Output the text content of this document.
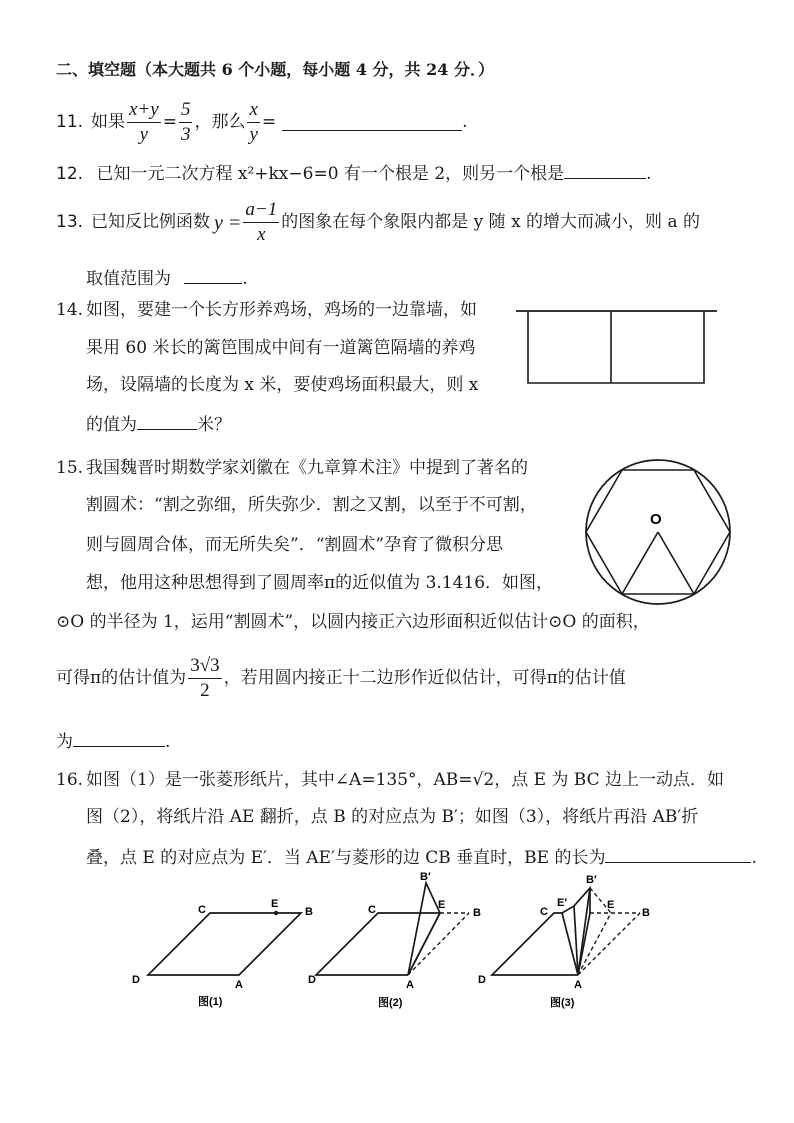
二、填空题（本大题共 6 个小题，每小题 4 分，共 24 分．）
11. 如果 $\frac{x+y}{y} = \frac{5}{3}$ ，那么 $\frac{x}{y}$ =	.
12. 已知一元二次方程 x²+kx−6=0 有一个根是 2，则另一个根是	.
13. 已知反比例函数 $y = \frac{a-1}{x}$ 的图象在每个象限内都是 y 随 x 的增大而减小，则 a 的
取值范围为	.
14. 如图，要建一个长方形养鸡场，鸡场的一边靠墙，如
果用 60 米长的篱笆围成中间有一道篱笆隔墙的养鸡
场，设隔墙的长度为 x 米，要使鸡场面积最大，则 x
的值为	米？
15. 我国魏晋时期数学家刘徽在《九章算术注》中提到了著名的
割圆术：“割之弥细，所失弥少．割之又割，以至于不可割，
则与圆周合体，而无所失矣”．“割圆术”孕育了微积分思
想，他用这种思想得到了圆周率π的近似值为 3.1416．如图，
⊙O 的半径为 1，运用“割圆术”，以圆内接正六边形面积近似估计⊙O 的面积，
可得π的估计值为 $\frac{3√3}{2}$ ，若用圆内接正十二边形作近似估计，可得π的估计值
为	.
O
16. 如图（1）是一张菱形纸片，其中∠A=135°，AB=√2，点 E 为 BC 边上一动点．如
图（2），将纸片沿 AE 翻折，点 B 的对应点为 B′；如图（3），将纸片再沿 AB′折
叠，点 E 的对应点为 E′．当 AE′与菱形的边 CB 垂直时，BE 的长为	.
C	E
B
D	A
图(1)
B′
C	E
B
D	A
图(2)
B′
C
E′	E
B
D	A
图(3)
